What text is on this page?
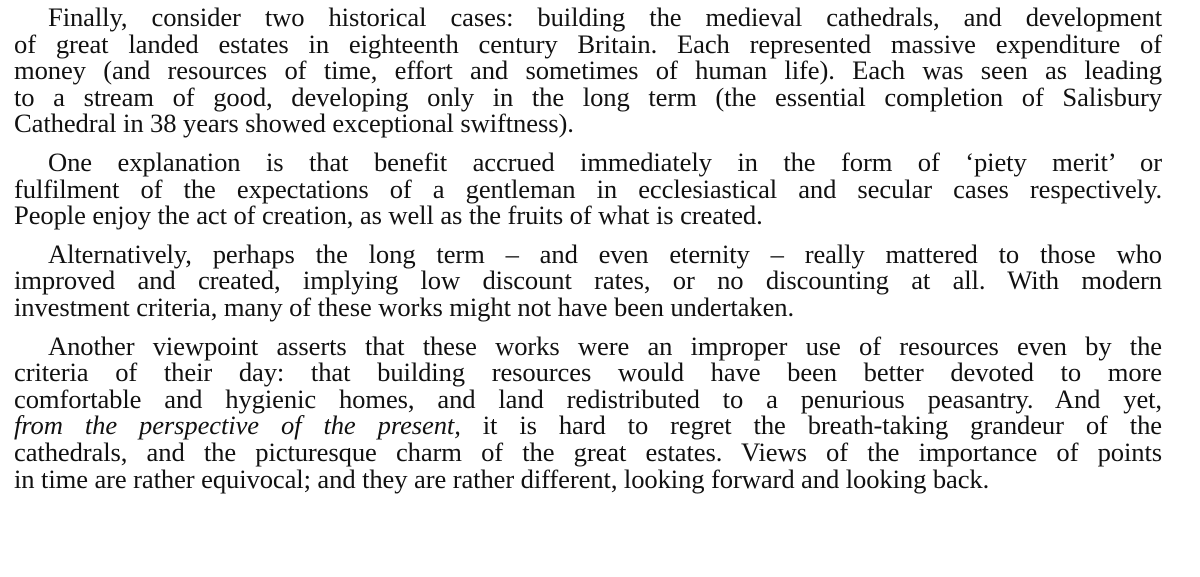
Finally, consider two historical cases: building the medieval cathedrals, and development
of great landed estates in eighteenth century Britain. Each represented massive expenditure of
money (and resources of time, effort and sometimes of human life). Each was seen as leading
to a stream of good, developing only in the long term (the essential completion of Salisbury
Cathedral in 38 years showed exceptional swiftness).

One explanation is that benefit accrued immediately in the form of ‘piety merit’ or
fulfilment of the expectations of a gentleman in ecclesiastical and secular cases respectively.
People enjoy the act of creation, as well as the fruits of what is created.

Alternatively, perhaps the long term – and even eternity – really mattered to those who
improved and created, implying low discount rates, or no discounting at all. With modern
investment criteria, many of these works might not have been undertaken.

Another viewpoint asserts that these works were an improper use of resources even by the
criteria of their day: that building resources would have been better devoted to more
comfortable and hygienic homes, and land redistributed to a penurious peasantry. And yet,
from the perspective of the present, it is hard to regret the breath-taking grandeur of the
cathedrals, and the picturesque charm of the great estates. Views of the importance of points
in time are rather equivocal; and they are rather different, looking forward and looking back.
